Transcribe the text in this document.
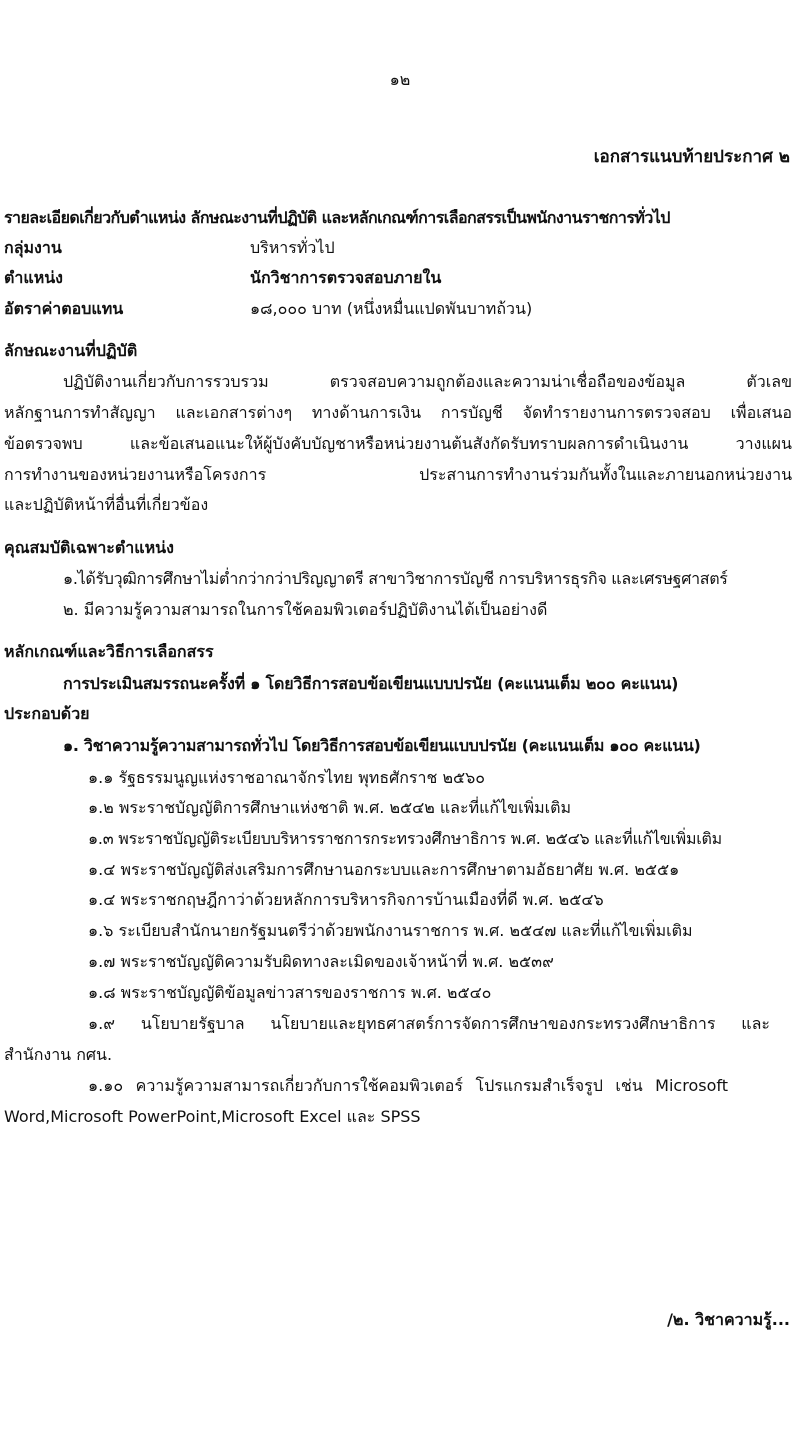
๑๒
เอกสารแนบท้ายประกาศ ๒
รายละเอียดเกี่ยวกับตำแหน่ง ลักษณะงานที่ปฏิบัติ และหลักเกณฑ์การเลือกสรรเป็นพนักงานราชการทั่วไป
กลุ่มงาน	บริหารทั่วไป
ตำแหน่ง	นักวิชาการตรวจสอบภายใน
อัตราค่าตอบแทน	๑๘,๐๐๐ บาท (หนึ่งหมื่นแปดพันบาทถ้วน)
ลักษณะงานที่ปฏิบัติ
ปฏิบัติงานเกี่ยวกับการรวบรวม ตรวจสอบความถูกต้องและความน่าเชื่อถือของข้อมูล ตัวเลข
หลักฐานการทำสัญญา และเอกสารต่างๆ ทางด้านการเงิน การบัญชี จัดทำรายงานการตรวจสอบ เพื่อเสนอ
ข้อตรวจพบ และข้อเสนอแนะให้ผู้บังคับบัญชาหรือหน่วยงานต้นสังกัดรับทราบผลการดำเนินงาน วางแผน
การทำงานของหน่วยงานหรือโครงการ ประสานการทำงานร่วมกันทั้งในและภายนอกหน่วยงาน
และปฏิบัติหน้าที่อื่นที่เกี่ยวข้อง
คุณสมบัติเฉพาะตำแหน่ง
๑.ได้รับวุฒิการศึกษาไม่ต่ำกว่ากว่าปริญญาตรี สาขาวิชาการบัญชี การบริหารธุรกิจ และเศรษฐศาสตร์
๒. มีความรู้ความสามารถในการใช้คอมพิวเตอร์ปฏิบัติงานได้เป็นอย่างดี
หลักเกณฑ์และวิธีการเลือกสรร
การประเมินสมรรถนะครั้งที่ ๑ โดยวิธีการสอบข้อเขียนแบบปรนัย (คะแนนเต็ม ๒๐๐ คะแนน)
ประกอบด้วย
๑. วิชาความรู้ความสามารถทั่วไป โดยวิธีการสอบข้อเขียนแบบปรนัย (คะแนนเต็ม ๑๐๐ คะแนน)
๑.๑ รัฐธรรมนูญแห่งราชอาณาจักรไทย พุทธศักราช ๒๕๖๐
๑.๒ พระราชบัญญัติการศึกษาแห่งชาติ พ.ศ. ๒๕๔๒ และที่แก้ไขเพิ่มเติม
๑.๓ พระราชบัญญัติระเบียบบริหารราชการกระทรวงศึกษาธิการ พ.ศ. ๒๕๔๖ และที่แก้ไขเพิ่มเติม
๑.๔ พระราชบัญญัติส่งเสริมการศึกษานอกระบบและการศึกษาตามอัธยาศัย พ.ศ. ๒๕๕๑
๑.๔ พระราชกฤษฎีกาว่าด้วยหลักการบริหารกิจการบ้านเมืองที่ดี พ.ศ. ๒๕๔๖
๑.๖ ระเบียบสำนักนายกรัฐมนตรีว่าด้วยพนักงานราชการ พ.ศ. ๒๕๔๗ และที่แก้ไขเพิ่มเติม
๑.๗ พระราชบัญญัติความรับผิดทางละเมิดของเจ้าหน้าที่ พ.ศ. ๒๕๓๙
๑.๘ พระราชบัญญัติข้อมูลข่าวสารของราชการ พ.ศ. ๒๕๔๐
๑.๙ นโยบายรัฐบาล นโยบายและยุทธศาสตร์การจัดการศึกษาของกระทรวงศึกษาธิการ และ
สำนักงาน กศน.
๑.๑๐ ความรู้ความสามารถเกี่ยวกับการใช้คอมพิวเตอร์ โปรแกรมสำเร็จรูป เช่น Microsoft
Word,Microsoft PowerPoint,Microsoft Excel และ SPSS
/๒. วิชาความรู้...
